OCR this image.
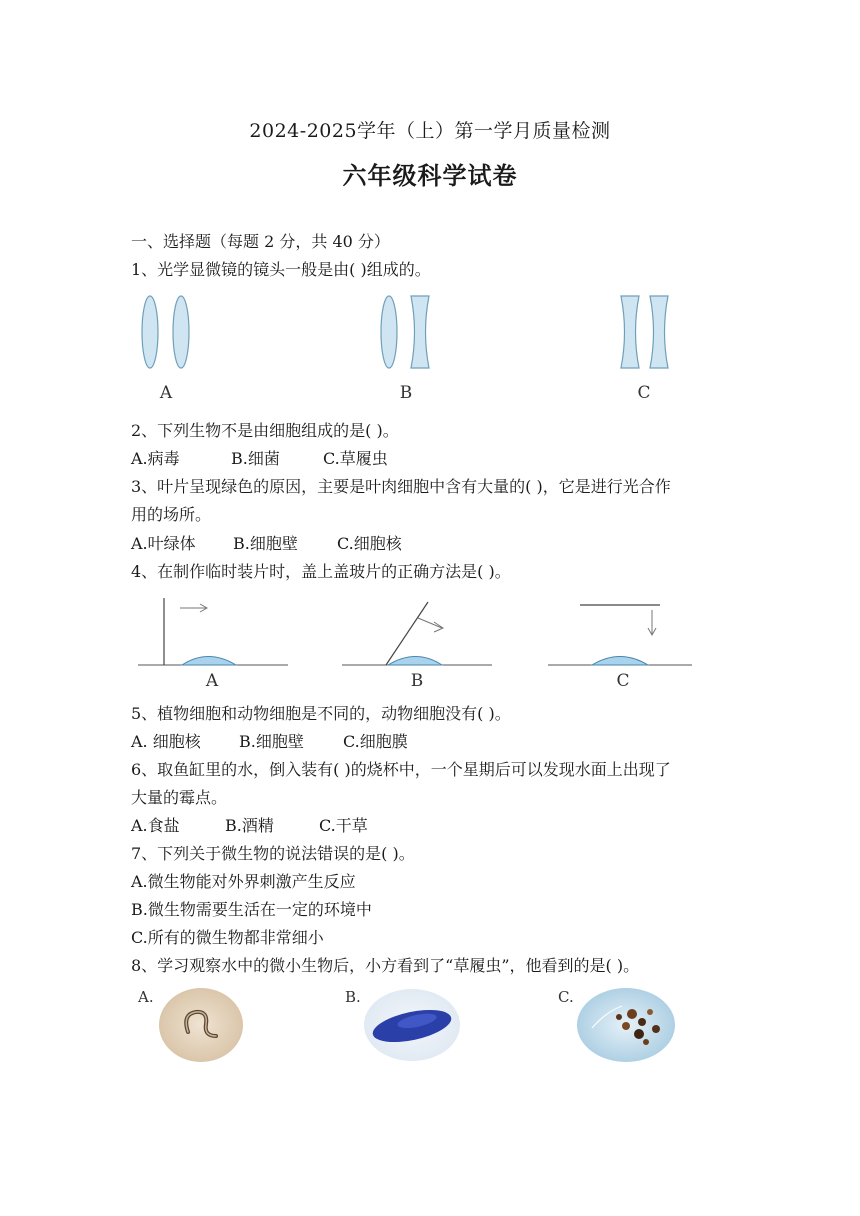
2024-2025学年（上）第一学月质量检测
六年级科学试卷
一、选择题（每题 2 分，共 40 分）
1、光学显微镜的镜头一般是由( )组成的。
A	B	C
2、下列生物不是由细胞组成的是( )。
A.病毒	B.细菌	C.草履虫
3、叶片呈现绿色的原因，主要是叶肉细胞中含有大量的( )，它是进行光合作
用的场所。
A.叶绿体 B.细胞壁 C.细胞核
4、在制作临时装片时，盖上盖玻片的正确方法是( )。
A	B	C
5、植物细胞和动物细胞是不同的，动物细胞没有( )。
A. 细胞核 B.细胞壁 C.细胞膜
6、取鱼缸里的水，倒入装有( )的烧杯中，一个星期后可以发现水面上出现了
大量的霉点。
A.食盐	B.酒精	C.干草
7、下列关于微生物的说法错误的是( )。
A.微生物能对外界刺激产生反应
B.微生物需要生活在一定的环境中
C.所有的微生物都非常细小
8、学习观察水中的微小生物后，小方看到了“草履虫”，他看到的是( )。
A.	B.	C.
